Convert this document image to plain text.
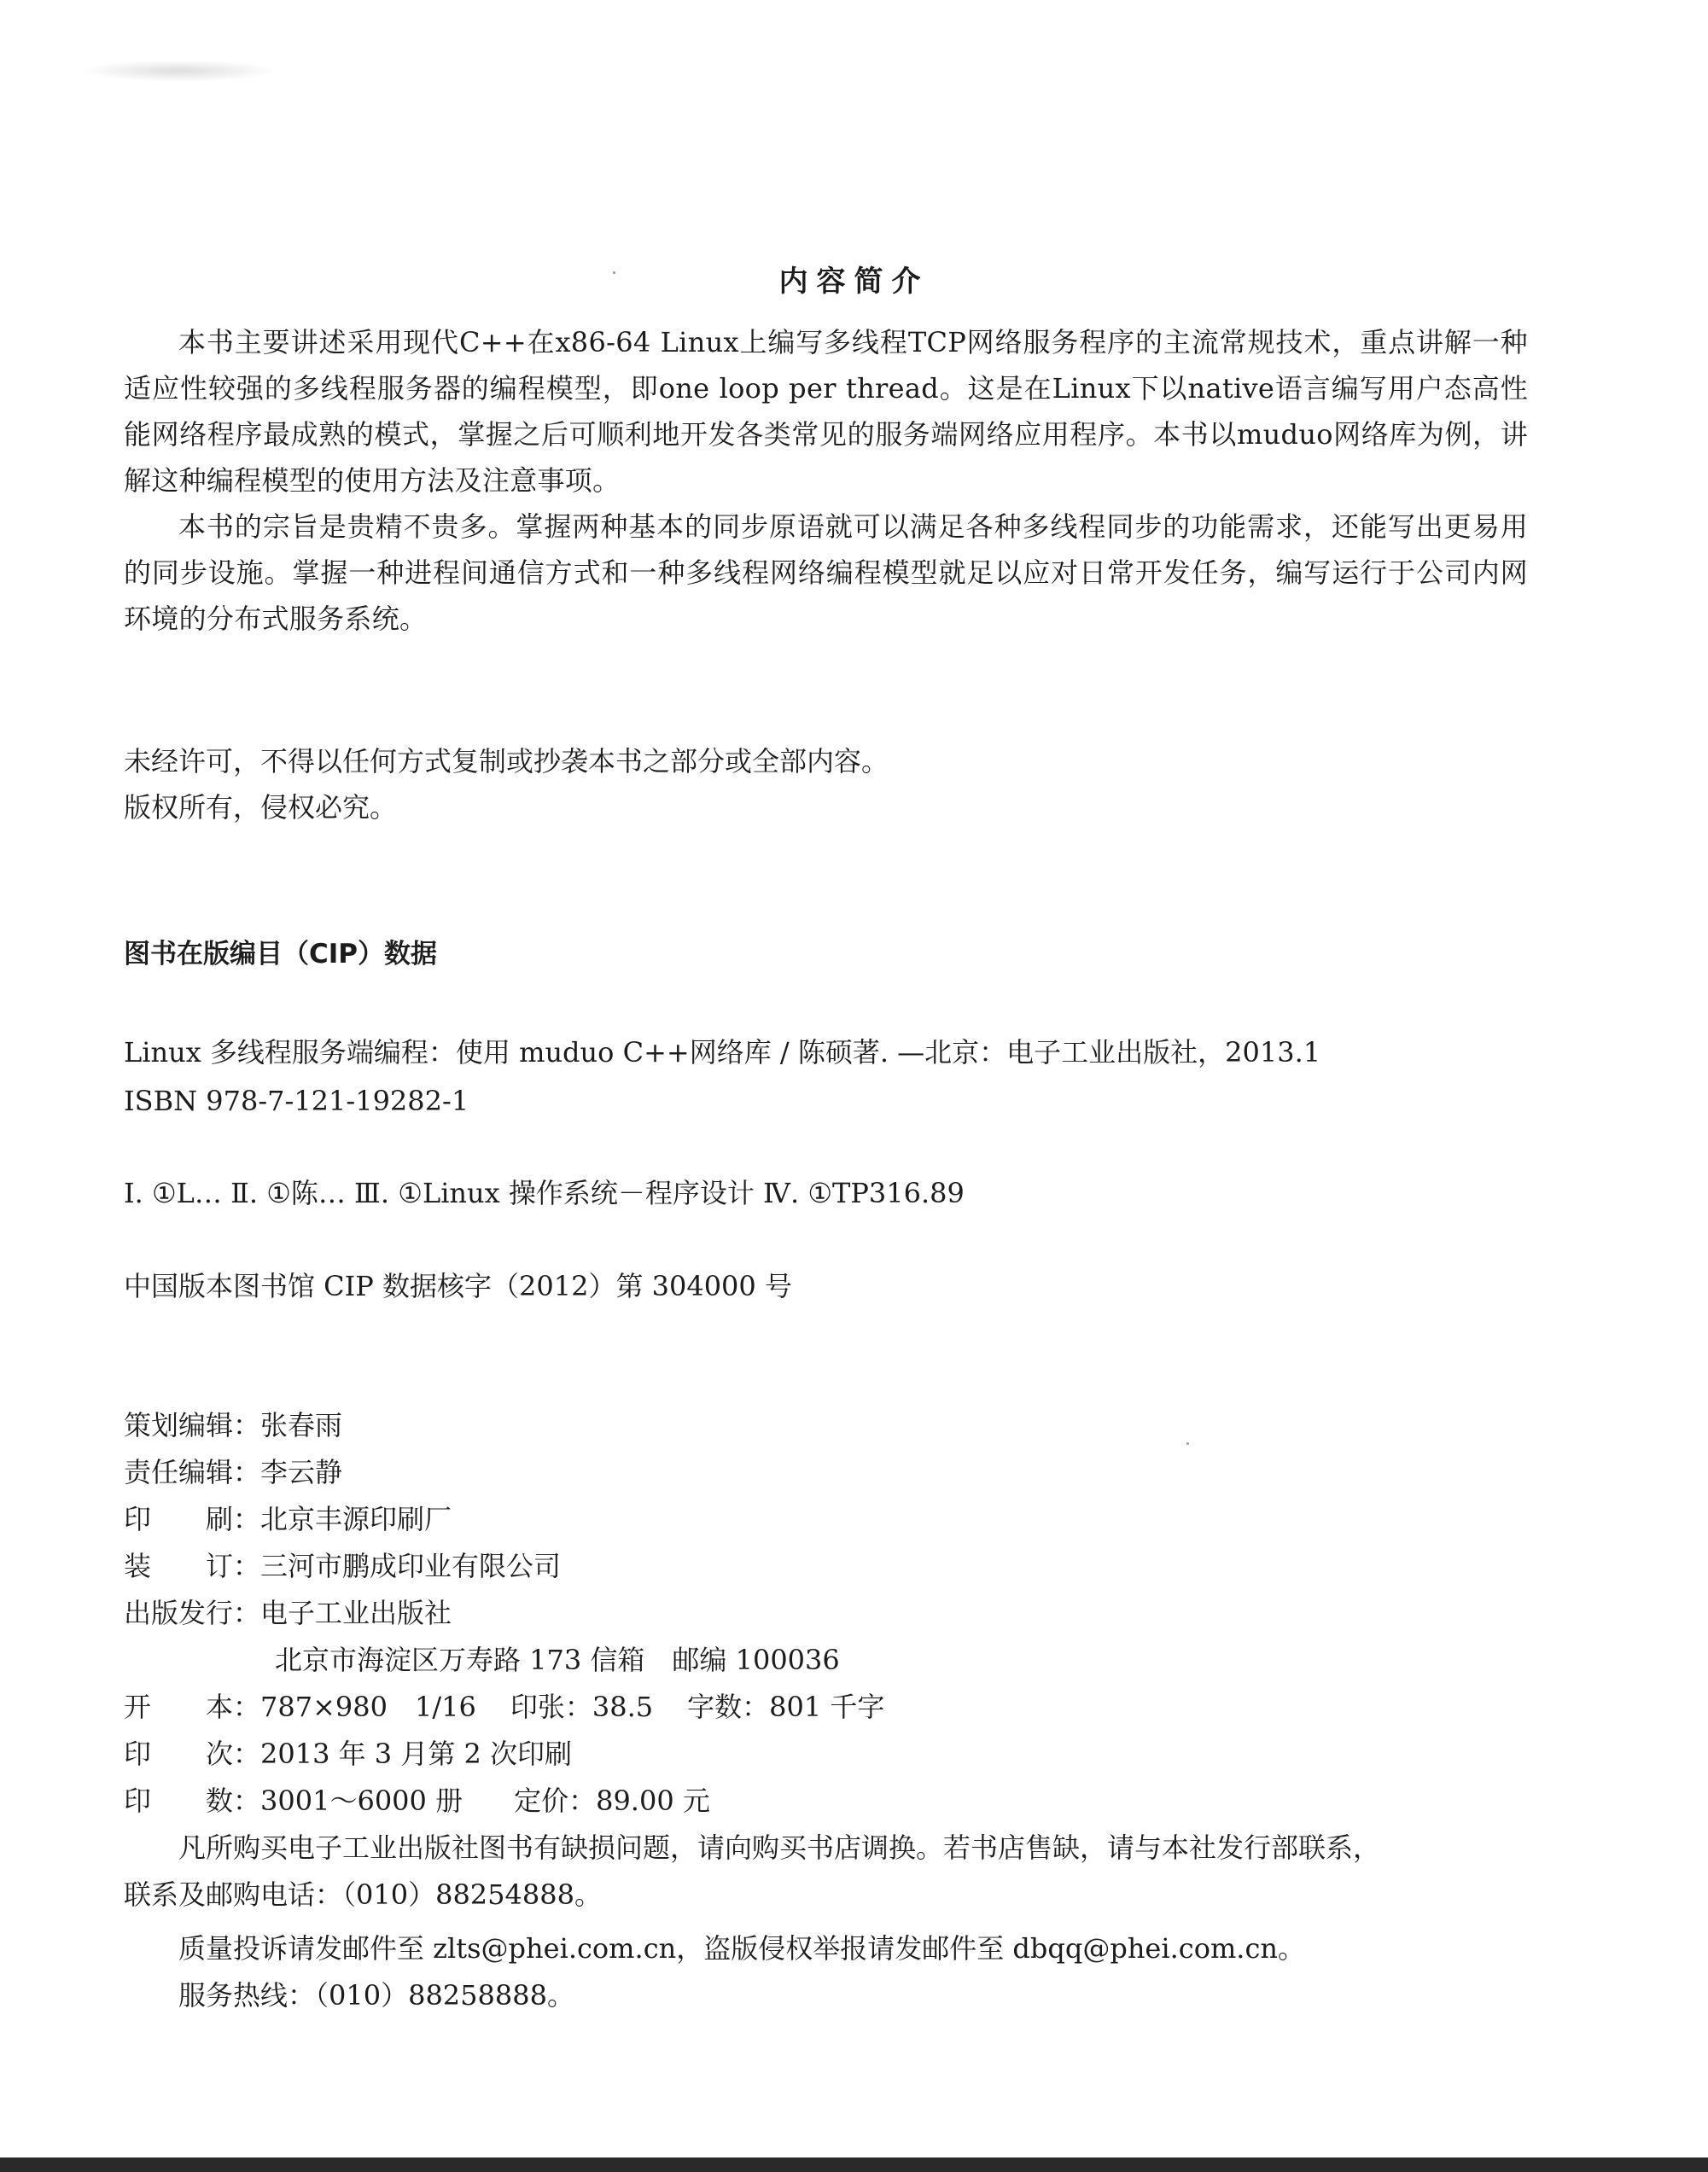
内容简介

本书主要讲述采用现代C++在x86-64 Linux上编写多线程TCP网络服务程序的主流常规技术，重点讲解一种适应性较强的多线程服务器的编程模型，即one loop per thread。这是在Linux下以native语言编写用户态高性能网络程序最成熟的模式，掌握之后可顺利地开发各类常见的服务端网络应用程序。本书以muduo网络库为例，讲解这种编程模型的使用方法及注意事项。

本书的宗旨是贵精不贵多。掌握两种基本的同步原语就可以满足各种多线程同步的功能需求，还能写出更易用的同步设施。掌握一种进程间通信方式和一种多线程网络编程模型就足以应对日常开发任务，编写运行于公司内网环境的分布式服务系统。

未经许可，不得以任何方式复制或抄袭本书之部分或全部内容。
版权所有，侵权必究。
图书在版编目（CIP）数据
Linux 多线程服务端编程：使用 muduo C++网络库 / 陈硕著. —北京：电子工业出版社，2013.1
ISBN 978-7-121-19282-1
Ⅰ. ①L… Ⅱ. ①陈… Ⅲ. ①Linux 操作系统－程序设计 Ⅳ. ①TP316.89
中国版本图书馆 CIP 数据核字（2012）第 304000 号
策划编辑：张春雨
责任编辑：李云静
印　　刷：北京丰源印刷厂
装　　订：三河市鹏成印业有限公司
出版发行：电子工业出版社
北京市海淀区万寿路 173 信箱　邮编 100036
开　　本：787×980　1/16 印张：38.5 字数：801 千字
印　　次：2013 年 3 月第 2 次印刷
印　　数：3001～6000 册 定价：89.00 元
凡所购买电子工业出版社图书有缺损问题，请向购买书店调换。若书店售缺，请与本社发行部联系，
联系及邮购电话：（010）88254888。
质量投诉请发邮件至 zlts@phei.com.cn，盗版侵权举报请发邮件至 dbqq@phei.com.cn。
服务热线：（010）88258888。
